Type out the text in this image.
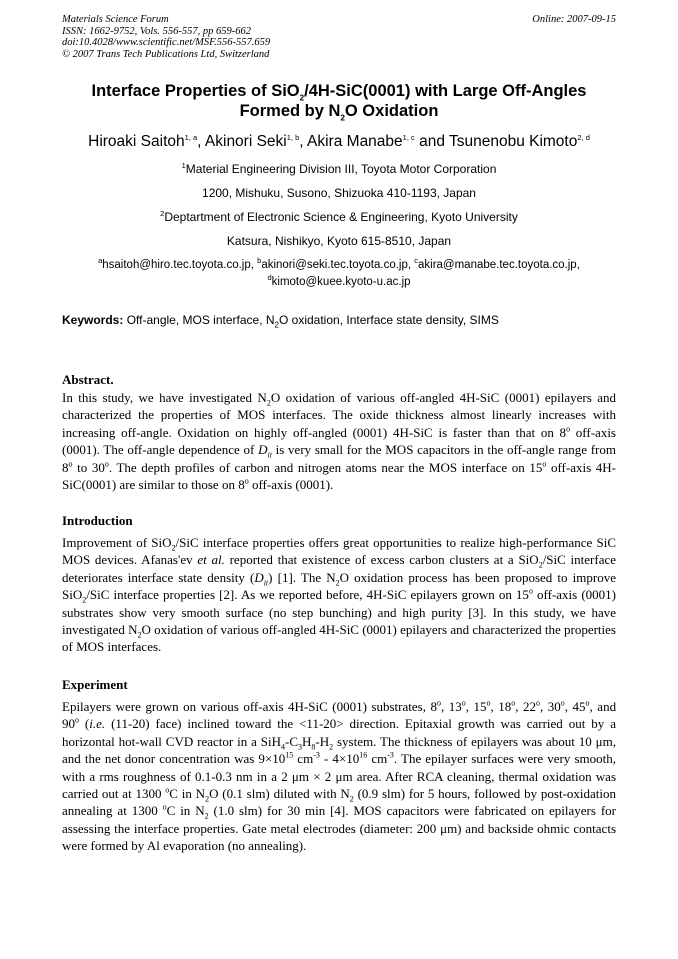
Materials Science Forum	Online: 2007-09-15
ISSN: 1662-9752, Vols. 556-557, pp 659-662
doi:10.4028/www.scientific.net/MSF.556-557.659
© 2007 Trans Tech Publications Ltd, Switzerland
Interface Properties of SiO$_2$/4H-SiC(0001) with Large Off-Angles
Formed by $N_2O$ Oxidation
Hiroaki Saitoh$^{1, a}$, Akinori Seki$^{1, b}$, Akira Manabe$^{1, c}$ and Tsunenobu Kimoto$^{2, d}$
$^1$Material Engineering Division III, Toyota Motor Corporation
1200, Mishuku, Susono, Shizuoka 410-1193, Japan
$^2$Deptartment of Electronic Science & Engineering, Kyoto University
Katsura, Nishikyo, Kyoto 615-8510, Japan
$^a$hsaitoh@hiro.tec.toyota.co.jp, $^b$akinori@seki.tec.toyota.co.jp, $^c$akira@manabe.tec.toyota.co.jp,
$^d$kimoto@kuee.kyoto-u.ac.jp
Keywords: Off-angle, MOS interface, $N_2O$ oxidation, Interface state density, SIMS
Abstract.

In this study, we have investigated $N_2O$ oxidation of various off-angled 4H-SiC (0001) epilayers and characterized the properties of MOS interfaces. The oxide thickness almost linearly increases with increasing off-angle. Oxidation on highly off-angled (0001) 4H-SiC is faster than that on 8$^o$ off-axis (0001). The off-angle dependence of $D_{it}$ is very small for the MOS capacitors in the off-angle range from 8$^o$ to 30$^o$. The depth profiles of carbon and nitrogen atoms near the MOS interface on 15$^o$ off-axis 4H-SiC(0001) are similar to those on 8$^o$ off-axis (0001).

Introduction

Improvement of SiO$_2$/SiC interface properties offers great opportunities to realize high-performance SiC MOS devices. Afanas'ev et al. reported that existence of excess carbon clusters at a SiO$_2$/SiC interface deteriorates interface state density $(D_{it})$ [1]. The $N_2O$ oxidation process has been proposed to improve SiO$_2$/SiC interface properties [2]. As we reported before, 4H-SiC epilayers grown on 15$^o$ off-axis (0001) substrates show very smooth surface (no step bunching) and high purity [3]. In this study, we have investigated $N_2O$ oxidation of various off-angled 4H-SiC (0001) epilayers and characterized the properties of MOS interfaces.

Experiment

Epilayers were grown on various off-axis 4H-SiC (0001) substrates, 8$^o$, 13$^o$, 15$^o$, 18$^o$, 22$^o$, 30$^o$, 45$^o$, and 90$^o$ (i.e. (11-20) face) inclined toward the <11-20> direction. Epitaxial growth was carried out by a horizontal hot-wall CVD reactor in a $SiH_4-C_3H_8-H_2$ system. The thickness of epilayers was about 10 μm, and the net donor concentration was $9\times 10^{15}$ $cm^{-3} - 4\times 10^{16}$ $cm^{-3}$. The epilayer surfaces were very smooth, with a rms roughness of 0.1-0.3 nm in a 2 μm × 2 μm area. After RCA cleaning, thermal oxidation was carried out at 1300 $^o$C in $N_2O$ (0.1 slm) diluted with $N_2$ (0.9 slm) for 5 hours, followed by post-oxidation annealing at 1300 $^o$C in $N_2$ (1.0 slm) for 30 min [4]. MOS capacitors were fabricated on epilayers for assessing the interface properties. Gate metal electrodes (diameter: 200 μm) and backside ohmic contacts were formed by Al evaporation (no annealing).
